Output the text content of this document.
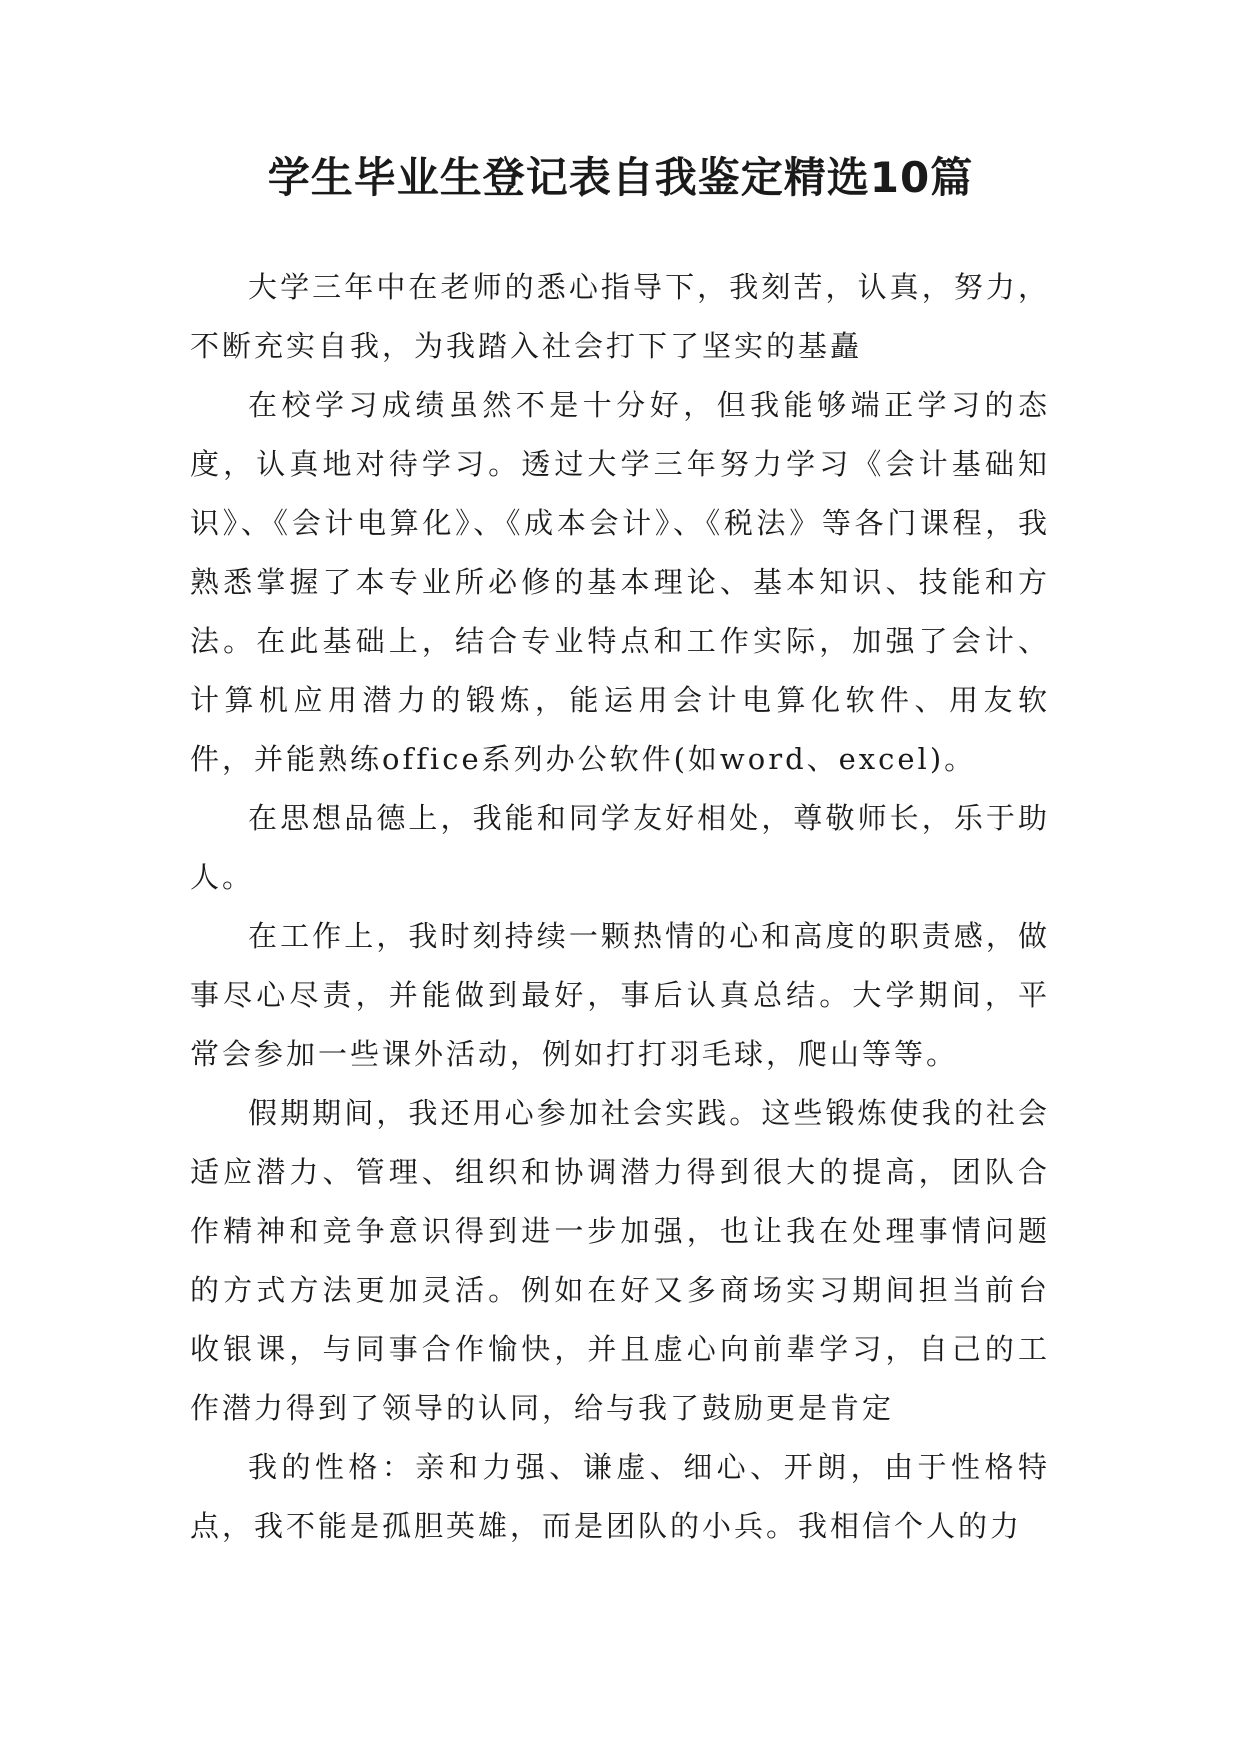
学生毕业生登记表自我鉴定精选10篇

大学三年中在老师的悉心指导下，我刻苦，认真，努力，不断充实自我，为我踏入社会打下了坚实的基矗

在校学习成绩虽然不是十分好，但我能够端正学习的态度，认真地对待学习。透过大学三年努力学习《会计基础知识》、《会计电算化》、《成本会计》、《税法》等各门课程，我熟悉掌握了本专业所必修的基本理论、基本知识、技能和方法。在此基础上，结合专业特点和工作实际，加强了会计、计算机应用潜力的锻炼，能运用会计电算化软件、用友软件，并能熟练office系列办公软件(如word、excel)。

在思想品德上，我能和同学友好相处，尊敬师长，乐于助人。

在工作上，我时刻持续一颗热情的心和高度的职责感，做事尽心尽责，并能做到最好，事后认真总结。大学期间，平常会参加一些课外活动，例如打打羽毛球，爬山等等。

假期期间，我还用心参加社会实践。这些锻炼使我的社会适应潜力、管理、组织和协调潜力得到很大的提高，团队合作精神和竞争意识得到进一步加强，也让我在处理事情问题的方式方法更加灵活。例如在好又多商场实习期间担当前台收银课，与同事合作愉快，并且虚心向前辈学习，自己的工作潜力得到了领导的认同，给与我了鼓励更是肯定

我的性格：亲和力强、谦虚、细心、开朗，由于性格特点，我不能是孤胆英雄，而是团队的小兵。我相信个人的力
